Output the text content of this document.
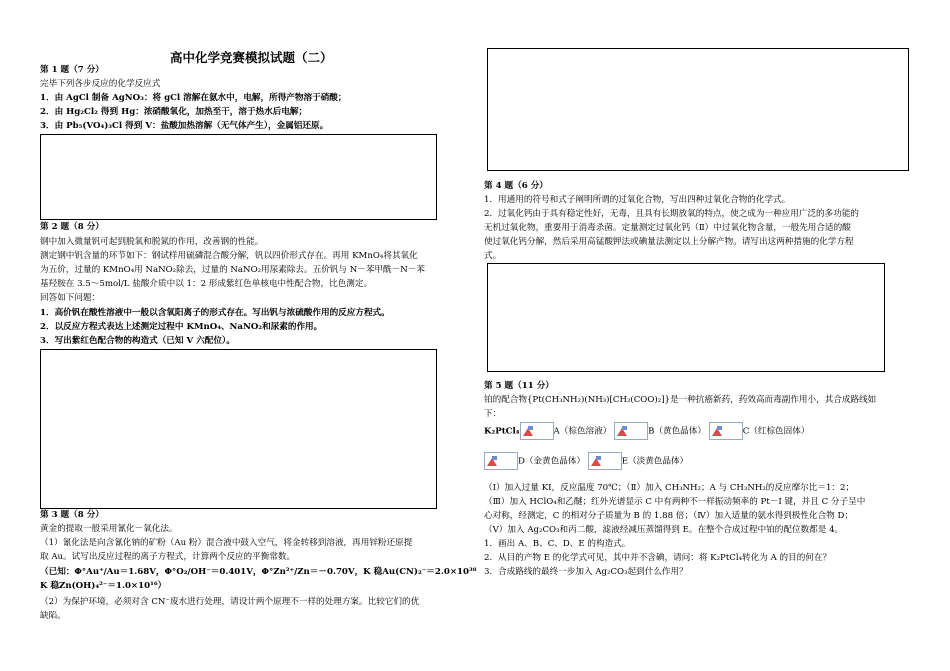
高中化学竞赛模拟试题（二）
第 1 题（7 分）
完毕下列各步反应的化学反应式
1．由 AgCl 制备 AgNO₃：将 gCl 溶解在氨水中，电解，所得产物溶于硝酸；
2．由 Hg₂Cl₂ 得到 Hg：浓硝酸氧化，加热至干，溶于热水后电解；
3．由 Pb₅(VO₄)₃Cl 得到 V：盐酸加热溶解（无气体产生），金属铝还原。
第 2 题（8 分）
钢中加入微量钒可起到脱氧和脱氮的作用，改善钢的性能。
测定钢中钒含量的环节如下：钢试样用硫磷混合酸分解，钒以四价形式存在。再用 KMnO₄将其氧化
为五价，过量的 KMnO₄用 NaNO₂除去，过量的 NaNO₂用尿素除去。五价钒与 N－苯甲酰－N－苯
基羟胺在 3.5～5mol/L 盐酸介质中以 1：2 形成紫红色单核电中性配合物，比色测定。
回答如下问题：
1．高价钒在酸性溶液中一般以含氧阳离子的形式存在。写出钒与浓硫酸作用的反应方程式。
2．以反应方程式表达上述测定过程中 KMnO₄、NaNO₂和尿素的作用。
3．写出紫红色配合物的构造式（已知 V 六配位）。
第 3 题（8 分）
黄金的提取一般采用氰化－氧化法。
（1）氰化法是向含氰化钠的矿粉（Au 粉）混合液中鼓入空气，将金转移到溶液，再用锌粉还原提
取 Au。试写出反应过程的离子方程式，计算两个反应的平衡常数。
（已知：Φ°Au⁺/Au＝1.68V，Φ°O₂/OH⁻＝0.401V，Φ°Zn²⁺/Zn＝－0.70V，K 稳Au(CN)₂⁻＝2.0×10³⁸
K 稳Zn(OH)₄²⁻＝1.0×10¹⁶）
（2）为保护环境，必须对含 CN⁻废水进行处理，请设计两个原理不一样的处理方案。比较它们的优
缺陷。
第 4 题（6 分）
1．用通用的符号和式子阐明所谓的过氧化合物，写出四种过氧化合物的化学式。
2．过氧化钙由于具有稳定性好，无毒，且具有长期放氧的特点，使之成为一种应用广泛的多功能的
无机过氧化物，重要用于消毒杀菌。定量测定过氧化钙（Ⅱ）中过氧化物含量，一般先用合适的酸
使过氧化钙分解，然后采用高锰酸钾法或碘量法测定以上分解产物。请写出这两种措施的化学方程
式。
第 5 题（11 分）
铂的配合物{Pt(CH₃NH₂)(NH₃)[CH₂(COO)₂]}是一种抗癌新药，药效高而毒副作用小，其合成路线如
下：
K₂PtCl₄	A（棕色溶液）	B（黄色晶体）	C（红棕色固体）
D（金黄色晶体）	E（淡黄色晶体）
（Ⅰ）加入过量 KI，反应温度 70℃；（Ⅱ）加入 CH₃NH₂；A 与 CH₃NH₂的反应摩尔比＝1：2；
（Ⅲ）加入 HClO₄和乙醚；红外光谱显示 C 中有两种不一样振动频率的 Pt－I 键，并且 C 分子呈中
心对称，经测定，C 的相对分子质量为 B 的 1.88 倍；（Ⅳ）加入适量的氨水得到极性化合物 D；
（Ⅴ）加入 Ag₂CO₃和丙二酸，滤液经减压蒸馏得到 E。在整个合成过程中铂的配位数都是 4。
1．画出 A、B、C、D、E 的构造式。
2．从目的产物 E 的化学式可见，其中并不含碘，请问：将 K₂PtCl₄转化为 A 的目的何在？
3．合成路线的最终一步加入 Ag₂CO₃起到什么作用？
